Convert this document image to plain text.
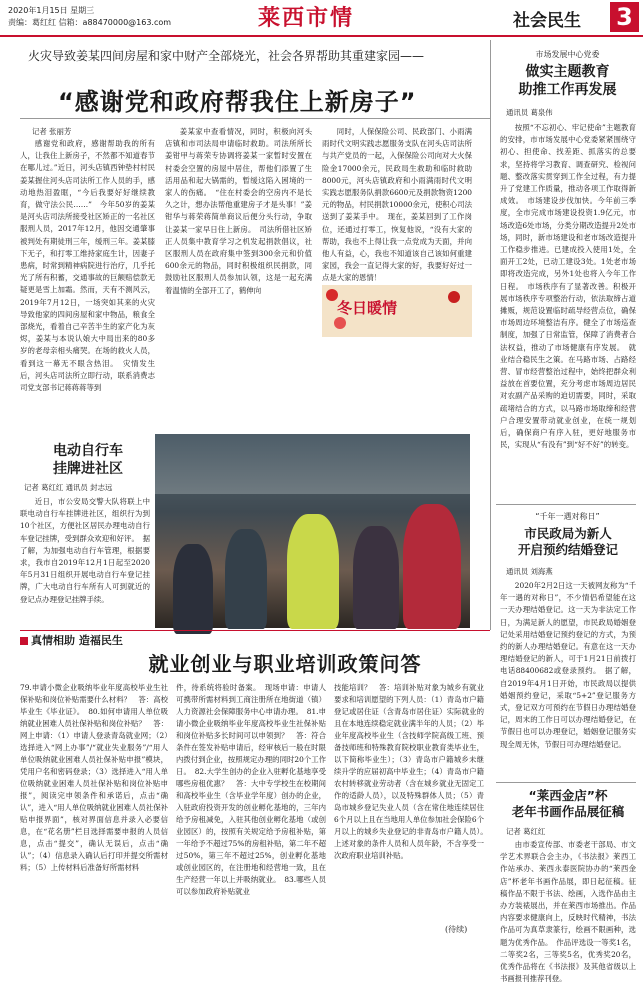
2020年1月15日 星期三
责编：葛红红 信箱：a88470000@163.com	莱西市情	社会民生 3
火灾导致姜某四间房屋和家中财产全部烧光，社会各界帮助其重建家园——
“感谢党和政府帮我住上新房子”
记者 张丽芳

感谢党和政府，感谢帮助我的所有人，让我住上新房子，不然都不知道春节在哪儿过。”近日，河头店镇西钟垫村村民姜某握住河头店司法所工作人员的手，感动地热泪盈眶，“今后我要好好继续教育，做守法公民……”　今年50岁的姜某是河头店司法所接受社区矫正的一名社区服刑人员，2017年12月，他因交通肇事被判处有期徒刑三年，缓刑三年。姜某膝下无子，和打零工维持家庭生计，因妻子患病，时常到精神病院进行治疗，几乎托光了所有积蓄，交通事故的巨额赔偿款无疑更是雪上加霜。然而，天有不测风云，2019年7月12日，一场突如其来的火灾导致他家的四间房屋和家中物品，粮食全部烧光，看着自己辛苦半生的家产化为灰烬，姜某与本说认娘大中局出来的80多岁的老母亲相头痛哭。在场的救火人员，看到这一幕无不眼含热泪。　灾情发生后，河头店司法所立即行动，联系消费志司党支部书记蒋蒋蒋等到

姜某家中查看情况，同时，积极向河头店镇和市司法局申请临时救助。司法所所长姜钳甲与蒋荣专协调将姜某一家暂时安置在村委会空置的房屋中居住，帮他们添置了生活用品和起大锅需的，暂缓这陷入困境的一家人的伤痛。　“住在村委会的空房内不是长久之计，想办法帮他重建房子才是头事！”姜钳华与蒋荣蒋简单商议后便分头行动，争取让姜某一家早日住上新房。　司法所借社区矫正人员集中教育学习之机发起捐款倡议，社区服刑人员在政府集中签到300余元和价值600余元的物品，同时积极组织民捐款，同鼓励社区服刑人员参加认领，这是一起充满着温情的全部开工了，鹤伸向

同时，人保保险公司、民政部门、小雨满雨时代文明实践志愿服务支队在河头店司法所与共产党员的一起，入保保险公司向对大火保险金17000余元，民政局生救助和临时救助8000元，河头店镇政府和小雨满雨时代文明实践志愿服务队捐款6600元及捐款物资1200元的物品，村民捐款10000余元，使积心司法送到了姜某手中。　现在，姜某回到了工作岗位，还通过打零工，恢复他说，“没有大家的帮助，我也不上得让我一点党成为天面，并向他人有益，心，我也不知道该自己该如何重建家园，我会一直记得大家的好，我要好好过一点是大家的恩情！

冬日暖情
市场发展中心党委
做实主题教育
助推工作再发展
通讯员 葛泉伟

按照“不忘初心、牢记使命”主题教育的安排，市市场发展中心党委紧紧围绕守初心、担使命、找差距、抓落实的总要求，坚持将学习教育、调查研究、检视问题、整改落实贯穿到工作全过程，有力提升了党建工作质量，推动各项工作取得新成效。　市场建设步伐加快。今年前三季度，全市完成市场建设投资1.9亿元，市场改造6处市场，分类分期改造提升2处市场，同时，新市场建设和老市场改造提升工作稳步推进。已建成投入使用1处，全面开工2处，已动工建设3处。1处老市场即将改造完成，另外1处也将入今年工作日程。　市场秩序有了显著改善。积极开展市场秩序专项整治行动，依法取缔占道摊贩，规范设置临时疏导经营点位，确保市场周边环境整洁有序。健全了市场巡查制度，加强了日常监管，保障了消费者合法权益，推动了市场健康有序发展。　就业结合稳民生之策。在马路市场、占路经营、冒市经营整治过程中，始终把群众利益放在首要位置，充分考虑市场周边居民对农副产品采购的迫切需要，同时，采取疏堵结合的方式，以马路市场取缔和经营户合理安置带动就业创业，在统一规划后，确保商户有序入驻，更好地服务市民，实现从“有没有”到“好不好”的转变。

“千年一遇对称日”
市民政局为新人
开启预约结婚登记
通讯员 刘海燕

2020年2月2日这一天被网友称为“千年一遇的对称日”，不少情侣希望能在这一天办理结婚登记。这一天为非法定工作日，为满足新人的愿望，市民政局婚姻登记处采用结婚登记预约登记的方式，为预约的新人办理结婚登记。有意在这一天办理结婚登记的新人，可于1月21日前拨打电话88400682或登录预约。　据了解，自2019年4月1日开始，市民政局以提供婚姻预约登记，采取“5+2”登记服务方式，登记双方可预约在节假日办理结婚登记，周末的工作日可以办理结婚登记，在节假日也可以办理登记，婚姻登记服务实现全周无休，节假日可办理结婚登记。

“莱西金店”杯
老年书画作品展征稿
记者 葛红红

由市委宣传部、市委老干部局、市文学艺术界联合会主办，《书法报》莱西工作站承办、莱西永泰医院协办的“莱西金店”杯老年书画作品展，即日起征稿。征稿作品不限于书法、绘画，入选作品由主办方装裱展出，并在莱西市场推出。作品内容要求健康向上，反映时代精神，书法作品可为真草隶篆行，绘画不限画种，选题为优秀作品。　作品评选设一等奖1名，二等奖2名，三等奖5名，优秀奖20名，优秀作品将在《书法报》及其他省级以上书画报刊推荐刊登。

电动自行车
挂牌进社区
记者 葛红红 通讯员 封志远

近日，市公安局交警大队将联上中联电动自行车挂牌进社区，组织行为到10个社区，方便社区居民办理电动自行车登记挂牌，受到群众欢迎和好评。　据了解，为加强电动自行车管理，根据要求，我市自2019年12月1日起至2020年5月31日组织开展电动自行车登记挂牌，广大电动自行车所有人可到就近的登记点办理登记挂牌手续。

真情相助 造福民生
就业创业与职业培训政策问答

79.申请小微企业吸纳毕业年度高校毕业生社保补贴和岗位补贴需要什么材料？　答：高校毕业生《毕业证》。　80.如何申请用人单位吸纳就业困难人员社保补贴和岗位补贴？　答：网上申请：（1）申请人登录青岛就业网；（2）选择进入“网上办事”/“就业失业服务”/“用人单位吸纳就业困难人员社保补贴申报”模块，凭用户名和密码登录；（3）选择进入“用人单位吸纳就业困难人员社保补贴和岗位补贴申报”，阅读完申领条件和承诺后，点击“确认”，进入“用人单位吸纳就业困难人员社保补贴申报界面”，核对界面信息并录入必要信息，在“花名册”栏目选择需要申报的人员信息，点击“提交”，确认无误后，点击“确认”；（4）信息录入确认后打印并提交所需材料；（5）上传材料后准备好所需材料

件，待系统将验时备案。　现场申请：申请人可携带所需材料到工商注册所在地街道（镇）人力资源社会保障服务中心申请办理。　81.申请小微企业吸纳毕业年度高校毕业生社保补贴和岗位补贴多长时间可以申领到？　答：符合条件在签发补贴申请后，经审核后一般在时限内拨付到企业，按照规定办理的同时20个工作日。　82.大学生创办的企业入驻孵化基地享受哪些房租优惠？　答：大中专学校生在校期间和高校毕业生（含毕业学年度）创办的企业，入驻政府投资开发的创业孵化基地的，三年内给予房租减免，入驻其他创业孵化基地（或创业园区）的，按照有关规定给予房租补贴，第一年给予不超过75%的房租补贴，第二年不超过50%，第三年不超过25%，创业孵化基地或创业园区的，在注册地和经营地一致，且在生产经营一年以上并吸纳就业。　83.哪些人员可以参加政府补贴就业

技能培训？　答：培训补贴对象为城乡有就业要求和培训愿望的下列人员：（1）青岛市户籍登记或居住证（含青岛市居住证）实际就业的且在本地连续稳定就业满半年的人员；（2）毕业年度高校毕业生（含技师学院高级工班、预备技师班和特殊教育院校职业教育类毕业生，以下简称毕业生）；（3）青岛市户籍城乡未继续升学的应届初高中毕业生；（4）青岛市户籍农村转移就业劳动者（含在城乡就业无固定工作的适龄人员），以及特殊群体人员；（5）青岛市城乡登记失业人员（含在常住地连续居住6个月以上且在当地用人单位参加社会保险6个月以上的城乡失业登记的非青岛市户籍人员）。　上述对象的条件人员和人员年龄，不含享受一次政府职业培训补贴。

(待续)
